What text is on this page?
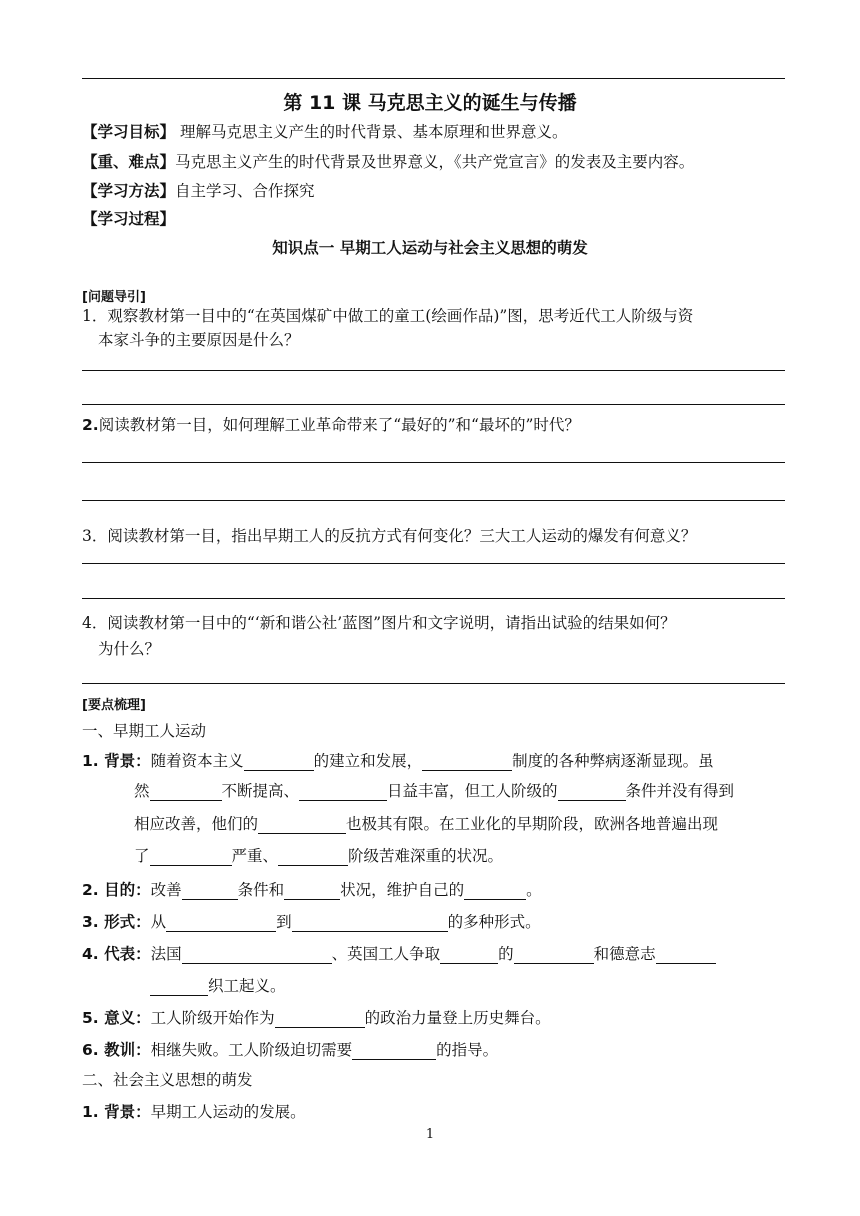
第 11 课 马克思主义的诞生与传播
【学习目标】 理解马克思主义产生的时代背景、基本原理和世界意义。
【重、难点】马克思主义产生的时代背景及世界意义，《共产党宣言》的发表及主要内容。
【学习方法】自主学习、合作探究
【学习过程】
知识点一 早期工人运动与社会主义思想的萌发
[问题导引]
1．观察教材第一目中的“在英国煤矿中做工的童工(绘画作品)”图，思考近代工人阶级与资
本家斗争的主要原因是什么？
2.阅读教材第一目，如何理解工业革命带来了“最好的”和“最坏的”时代？
3．阅读教材第一目，指出早期工人的反抗方式有何变化？三大工人运动的爆发有何意义？
4．阅读教材第一目中的“‘新和谐公社’蓝图”图片和文字说明，请指出试验的结果如何？
为什么？
[要点梳理]
一、早期工人运动
1. 背景：随着资本主义	的建立和发展，	制度的各种弊病逐渐显现。虽
然	不断提高、	日益丰富，但工人阶级的	条件并没有得到
相应改善，他们的	也极其有限。在工业化的早期阶段，欧洲各地普遍出现
了	严重、	阶级苦难深重的状况。
2. 目的：改善	条件和	状况，维护自己的	。
3. 形式：从	到	的多种形式。
4. 代表：法国	、英国工人争取	的	和德意志
织工起义。
5. 意义：工人阶级开始作为	的政治力量登上历史舞台。
6. 教训：相继失败。工人阶级迫切需要	的指导。
二、社会主义思想的萌发
1. 背景：早期工人运动的发展。
1
